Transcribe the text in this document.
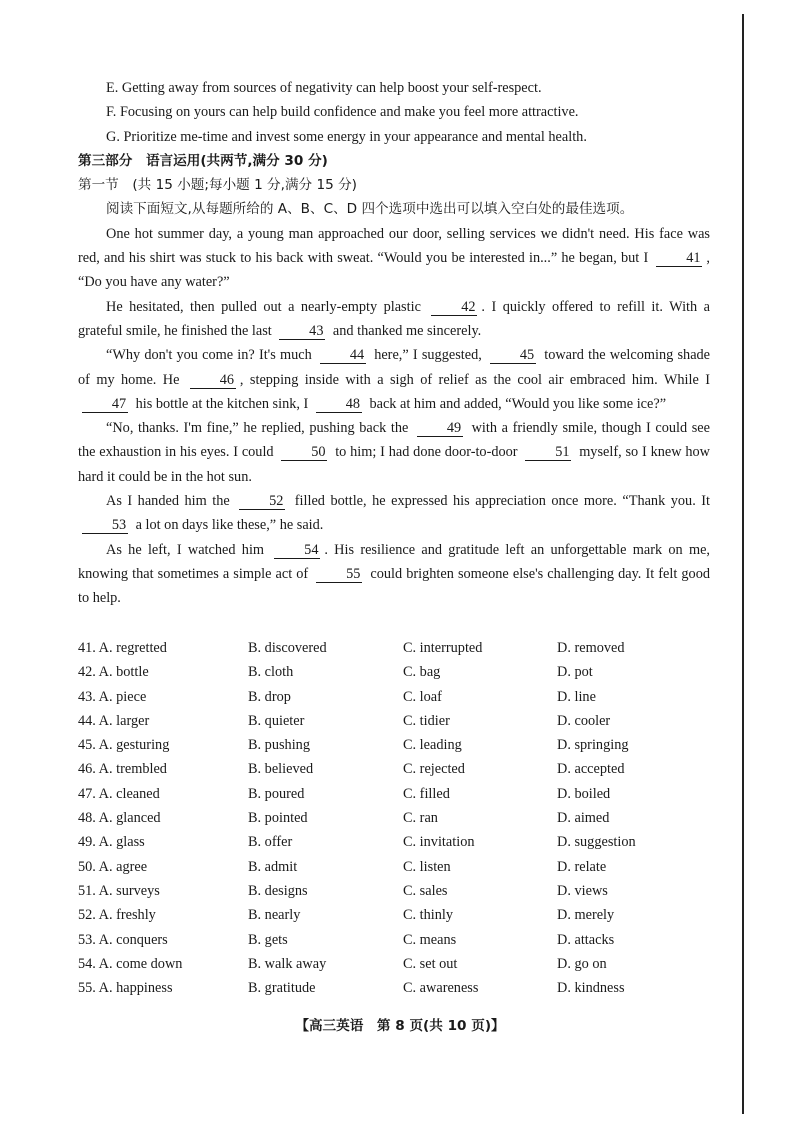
E. Getting away from sources of negativity can help boost your self-respect.

F. Focusing on yours can help build confidence and make you feel more attractive.

G. Prioritize me-time and invest some energy in your appearance and mental health.

第三部分　语言运用(共两节,满分 30 分)

第一节　(共 15 小题;每小题 1 分,满分 15 分)

阅读下面短文,从每题所给的 A、B、C、D 四个选项中选出可以填入空白处的最佳选项。

One hot summer day, a young man approached our door, selling services we didn't need. His face was red, and his shirt was stuck to his back with sweat. “Would you be interested in...” he began, but I	41 , “Do you have any water?”

He hesitated, then pulled out a nearly-empty plastic	42 . I quickly offered to refill it. With a grateful smile, he finished the last	43 and thanked me sincerely.

“Why don't you come in? It's much	44 here,” I suggested,	45 toward the welcoming shade of my home. He	46 , stepping inside with a sigh of relief as the cool air embraced him. While I 47 his bottle at the kitchen sink, I	48 back at him and added, “Would you like some ice?”

“No, thanks. I'm fine,” he replied, pushing back the	49 with a friendly smile, though I could see the exhaustion in his eyes. I could	50 to him; I had done door-to-door	51 myself, so I knew how hard it could be in the hot sun.

As I handed him the	52 filled bottle, he expressed his appreciation once more. “Thank you. It 53 a lot on days like these,” he said.

As he left, I watched him	54 . His resilience and gratitude left an unforgettable mark on me, knowing that sometimes a simple act of	55 could brighten someone else's challenging day. It felt good to help.

41. A. regretted	B. discovered	C. interrupted	D. removed
42. A. bottle	B. cloth	C. bag	D. pot
43. A. piece	B. drop	C. loaf	D. line
44. A. larger	B. quieter	C. tidier	D. cooler
45. A. gesturing	B. pushing	C. leading	D. springing
46. A. trembled	B. believed	C. rejected	D. accepted
47. A. cleaned	B. poured	C. filled	D. boiled
48. A. glanced	B. pointed	C. ran	D. aimed
49. A. glass	B. offer	C. invitation	D. suggestion
50. A. agree	B. admit	C. listen	D. relate
51. A. surveys	B. designs	C. sales	D. views
52. A. freshly	B. nearly	C. thinly	D. merely
53. A. conquers	B. gets	C. means	D. attacks
54. A. come down	B. walk away	C. set out	D. go on
55. A. happiness	B. gratitude	C. awareness	D. kindness
【高三英语　第 8 页(共 10 页)】
